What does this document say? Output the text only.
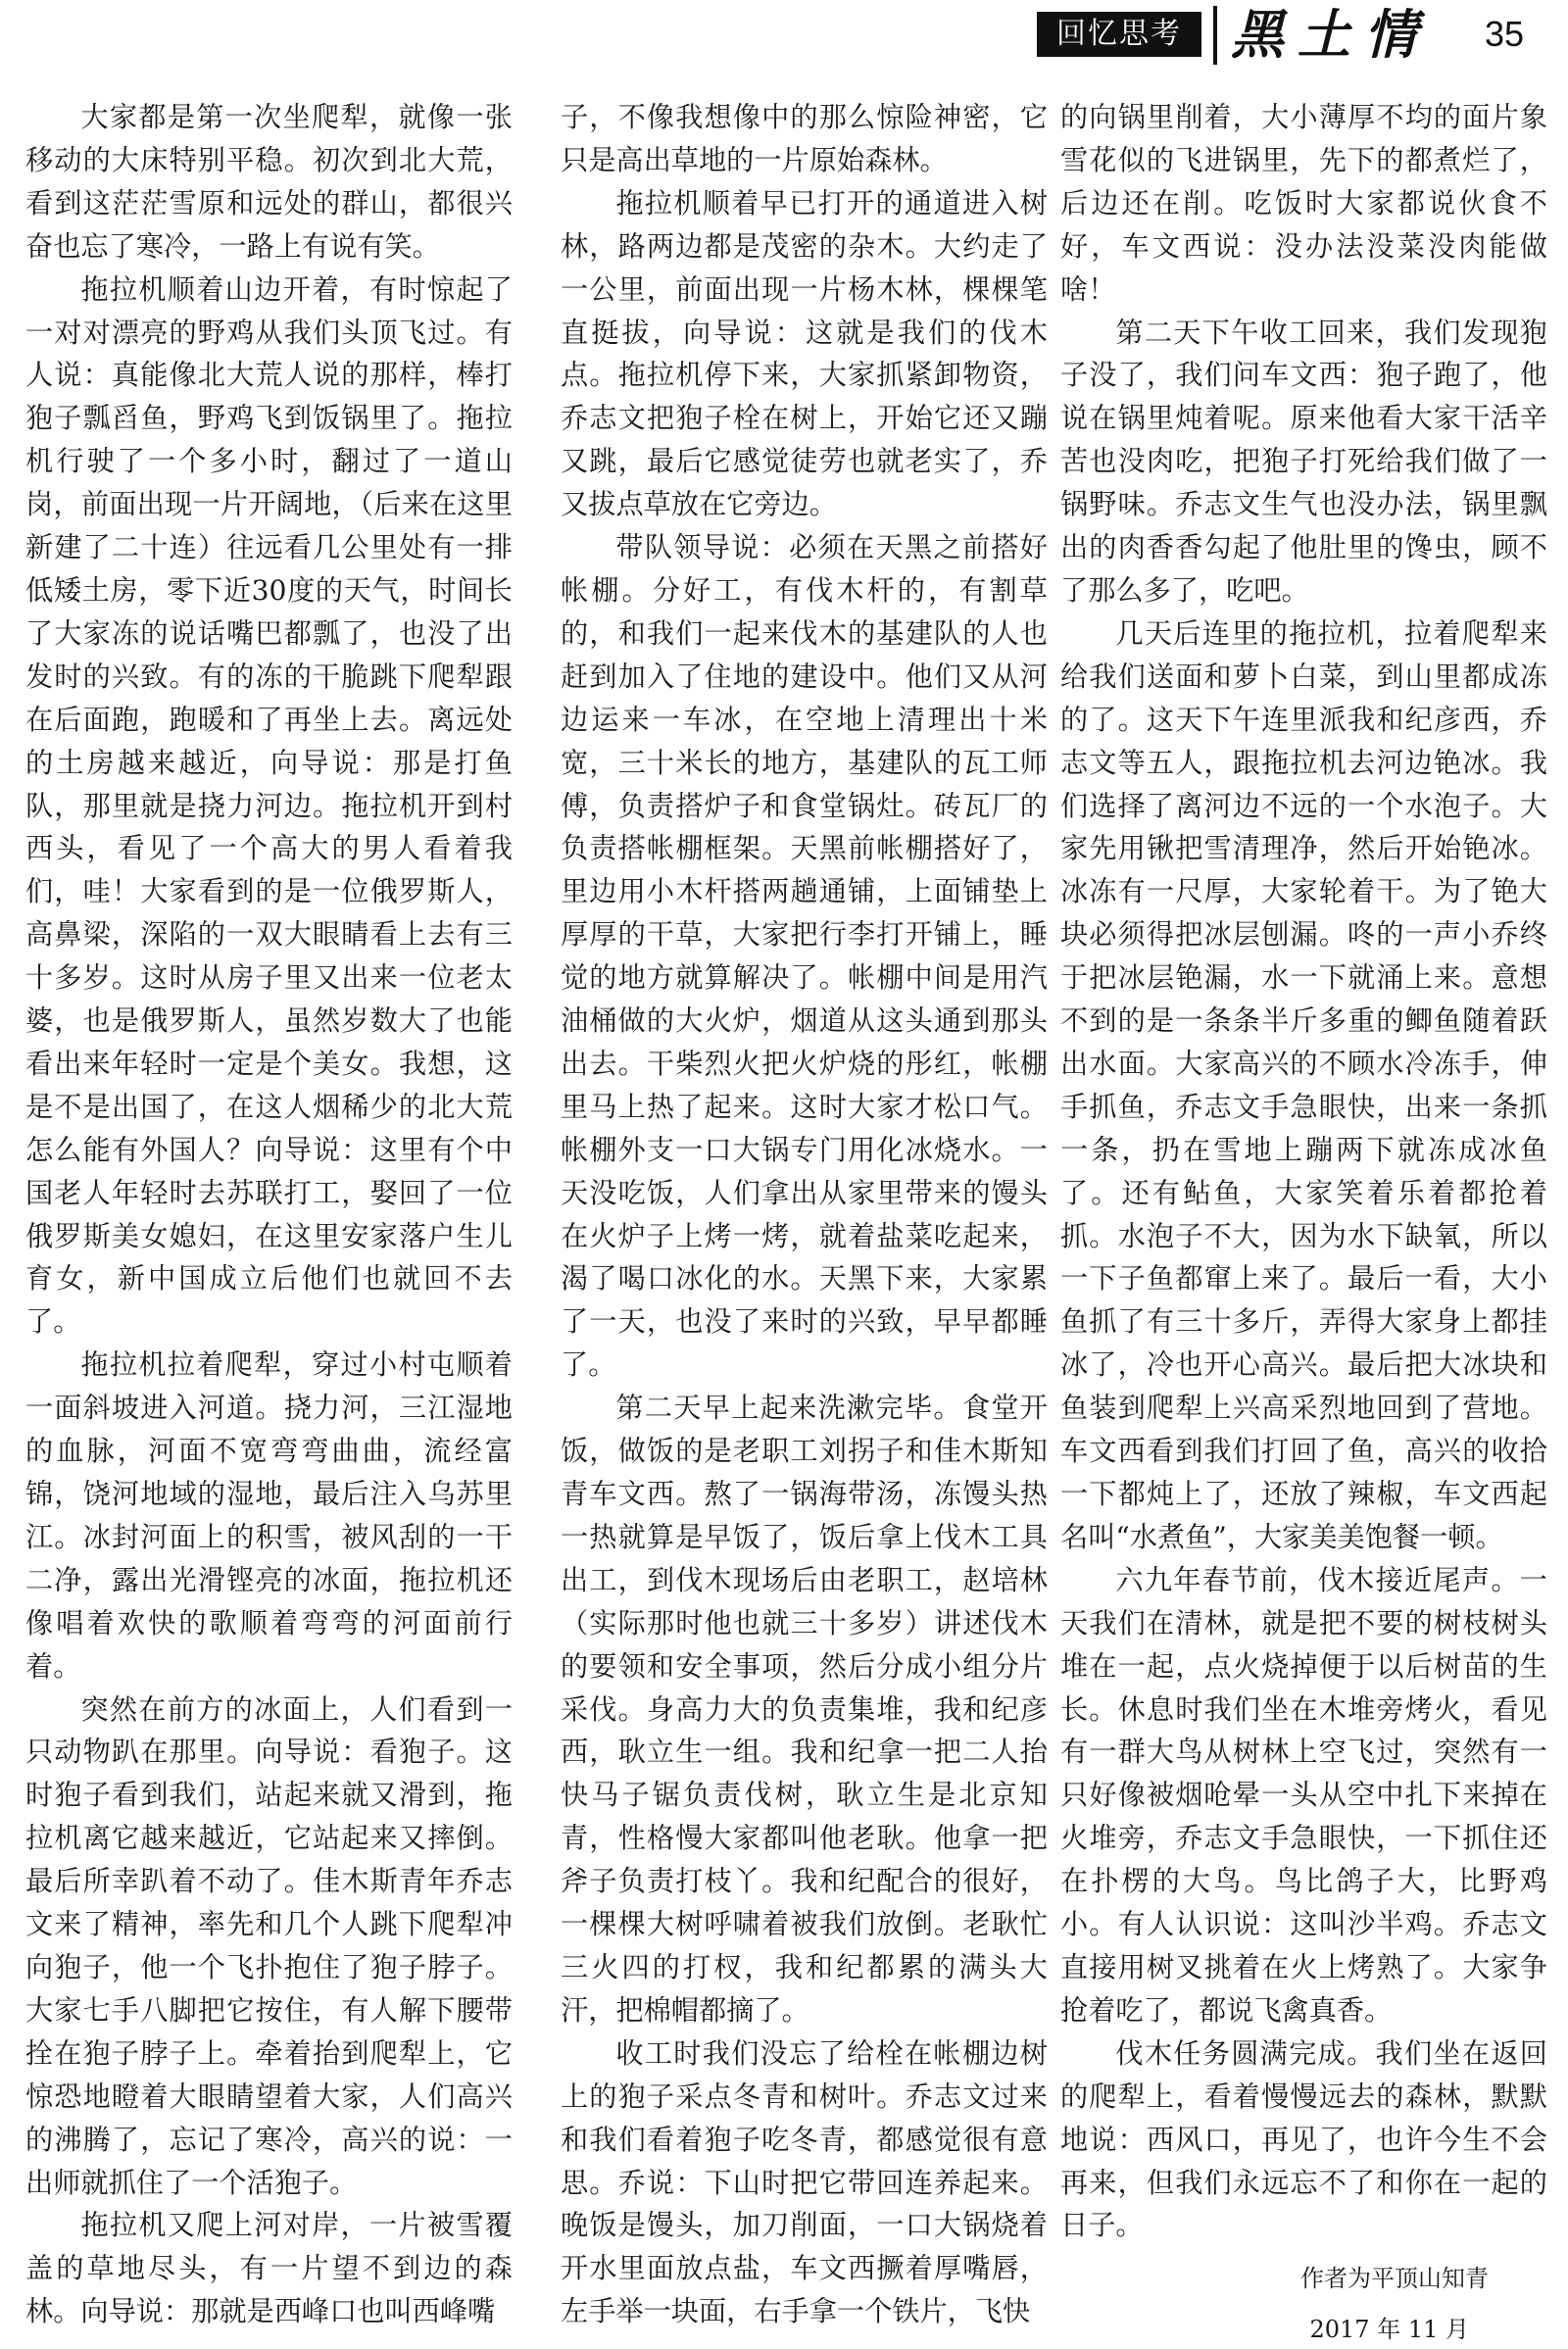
回忆思考 黑土情 35

大家都是第一次坐爬犁，就像一张移动的大床特别平稳。初次到北大荒，看到这茫茫雪原和远处的群山，都很兴奋也忘了寒冷，一路上有说有笑。

拖拉机顺着山边开着，有时惊起了一对对漂亮的野鸡从我们头顶飞过。有人说：真能像北大荒人说的那样，棒打狍子瓢舀鱼，野鸡飞到饭锅里了。拖拉机行驶了一个多小时，翻过了一道山岗，前面出现一片开阔地，（后来在这里新建了二十连）往远看几公里处有一排低矮土房，零下近30度的天气，时间长了大家冻的说话嘴巴都瓢了，也没了出发时的兴致。有的冻的干脆跳下爬犁跟在后面跑，跑暖和了再坐上去。离远处的土房越来越近，向导说：那是打鱼队，那里就是挠力河边。拖拉机开到村西头，看见了一个高大的男人看着我们，哇！大家看到的是一位俄罗斯人，高鼻梁，深陷的一双大眼睛看上去有三十多岁。这时从房子里又出来一位老太婆，也是俄罗斯人，虽然岁数大了也能看出来年轻时一定是个美女。我想，这是不是出国了，在这人烟稀少的北大荒怎么能有外国人？向导说：这里有个中国老人年轻时去苏联打工，娶回了一位俄罗斯美女媳妇，在这里安家落户生儿育女，新中国成立后他们也就回不去了。

拖拉机拉着爬犁，穿过小村屯顺着一面斜坡进入河道。挠力河，三江湿地的血脉，河面不宽弯弯曲曲，流经富锦，饶河地域的湿地，最后注入乌苏里江。冰封河面上的积雪，被风刮的一干二净，露出光滑铿亮的冰面，拖拉机还像唱着欢快的歌顺着弯弯的河面前行着。

突然在前方的冰面上，人们看到一只动物趴在那里。向导说：看狍子。这时狍子看到我们，站起来就又滑到，拖拉机离它越来越近，它站起来又摔倒。最后所幸趴着不动了。佳木斯青年乔志文来了精神，率先和几个人跳下爬犁冲向狍子，他一个飞扑抱住了狍子脖子。大家七手八脚把它按住，有人解下腰带拴在狍子脖子上。牵着抬到爬犁上，它惊恐地瞪着大眼睛望着大家，人们高兴的沸腾了，忘记了寒冷，高兴的说：一出师就抓住了一个活狍子。

拖拉机又爬上河对岸，一片被雪覆盖的草地尽头，有一片望不到边的森林。向导说：那就是西峰口也叫西峰嘴

子，不像我想像中的那么惊险神密，它只是高出草地的一片原始森林。

拖拉机顺着早已打开的通道进入树林，路两边都是茂密的杂木。大约走了一公里，前面出现一片杨木林，棵棵笔直挺拔，向导说：这就是我们的伐木点。拖拉机停下来，大家抓紧卸物资，乔志文把狍子栓在树上，开始它还又蹦又跳，最后它感觉徒劳也就老实了，乔又拔点草放在它旁边。

带队领导说：必须在天黑之前搭好帐棚。分好工，有伐木杆的，有割草的，和我们一起来伐木的基建队的人也赶到加入了住地的建设中。他们又从河边运来一车冰，在空地上清理出十米宽，三十米长的地方，基建队的瓦工师傅，负责搭炉子和食堂锅灶。砖瓦厂的负责搭帐棚框架。天黑前帐棚搭好了，里边用小木杆搭两趟通铺，上面铺垫上厚厚的干草，大家把行李打开铺上，睡觉的地方就算解决了。帐棚中间是用汽油桶做的大火炉，烟道从这头通到那头出去。干柴烈火把火炉烧的彤红，帐棚里马上热了起来。这时大家才松口气。帐棚外支一口大锅专门用化冰烧水。一天没吃饭，人们拿出从家里带来的馒头在火炉子上烤一烤，就着盐菜吃起来，渴了喝口冰化的水。天黑下来，大家累了一天，也没了来时的兴致，早早都睡了。

第二天早上起来洗漱完毕。食堂开饭，做饭的是老职工刘拐子和佳木斯知青车文西。熬了一锅海带汤，冻馒头热一热就算是早饭了，饭后拿上伐木工具出工，到伐木现场后由老职工，赵培林（实际那时他也就三十多岁）讲述伐木的要领和安全事项，然后分成小组分片采伐。身高力大的负责集堆，我和纪彦西，耿立生一组。我和纪拿一把二人抬快马子锯负责伐树，耿立生是北京知青，性格慢大家都叫他老耿。他拿一把斧子负责打枝丫。我和纪配合的很好，一棵棵大树呼啸着被我们放倒。老耿忙三火四的打杈，我和纪都累的满头大汗，把棉帽都摘了。

收工时我们没忘了给栓在帐棚边树上的狍子采点冬青和树叶。乔志文过来和我们看着狍子吃冬青，都感觉很有意思。乔说：下山时把它带回连养起来。晚饭是馒头，加刀削面，一口大锅烧着开水里面放点盐，车文西撅着厚嘴唇，左手举一块面，右手拿一个铁片，飞快

的向锅里削着，大小薄厚不均的面片象雪花似的飞进锅里，先下的都煮烂了，后边还在削。吃饭时大家都说伙食不好，车文西说：没办法没菜没肉能做啥！

第二天下午收工回来，我们发现狍子没了，我们问车文西：狍子跑了，他说在锅里炖着呢。原来他看大家干活辛苦也没肉吃，把狍子打死给我们做了一锅野味。乔志文生气也没办法，锅里飘出的肉香香勾起了他肚里的馋虫，顾不了那么多了，吃吧。

几天后连里的拖拉机，拉着爬犁来给我们送面和萝卜白菜，到山里都成冻的了。这天下午连里派我和纪彦西，乔志文等五人，跟拖拉机去河边铯冰。我们选择了离河边不远的一个水泡子。大家先用锹把雪清理净，然后开始铯冰。冰冻有一尺厚，大家轮着干。为了铯大块必须得把冰层刨漏。咚的一声小乔终于把冰层铯漏，水一下就涌上来。意想不到的是一条条半斤多重的鲫鱼随着跃出水面。大家高兴的不顾水冷冻手，伸手抓鱼，乔志文手急眼快，出来一条抓一条，扔在雪地上蹦两下就冻成冰鱼了。还有鲇鱼，大家笑着乐着都抢着抓。水泡子不大，因为水下缺氧，所以一下子鱼都窜上来了。最后一看，大小鱼抓了有三十多斤，弄得大家身上都挂冰了，冷也开心高兴。最后把大冰块和鱼装到爬犁上兴高采烈地回到了营地。车文西看到我们打回了鱼，高兴的收拾一下都炖上了，还放了辣椒，车文西起名叫“水煮鱼”，大家美美饱餐一顿。

六九年春节前，伐木接近尾声。一天我们在清林，就是把不要的树枝树头堆在一起，点火烧掉便于以后树苗的生长。休息时我们坐在木堆旁烤火，看见有一群大鸟从树林上空飞过，突然有一只好像被烟呛晕一头从空中扎下来掉在火堆旁，乔志文手急眼快，一下抓住还在扑楞的大鸟。鸟比鸽子大，比野鸡小。有人认识说：这叫沙半鸡。乔志文直接用树叉挑着在火上烤熟了。大家争抢着吃了，都说飞禽真香。

伐木任务圆满完成。我们坐在返回的爬犁上，看着慢慢远去的森林，默默地说：西风口，再见了，也许今生不会再来，但我们永远忘不了和你在一起的日子。

作者为平顶山知青

2017 年 11 月
